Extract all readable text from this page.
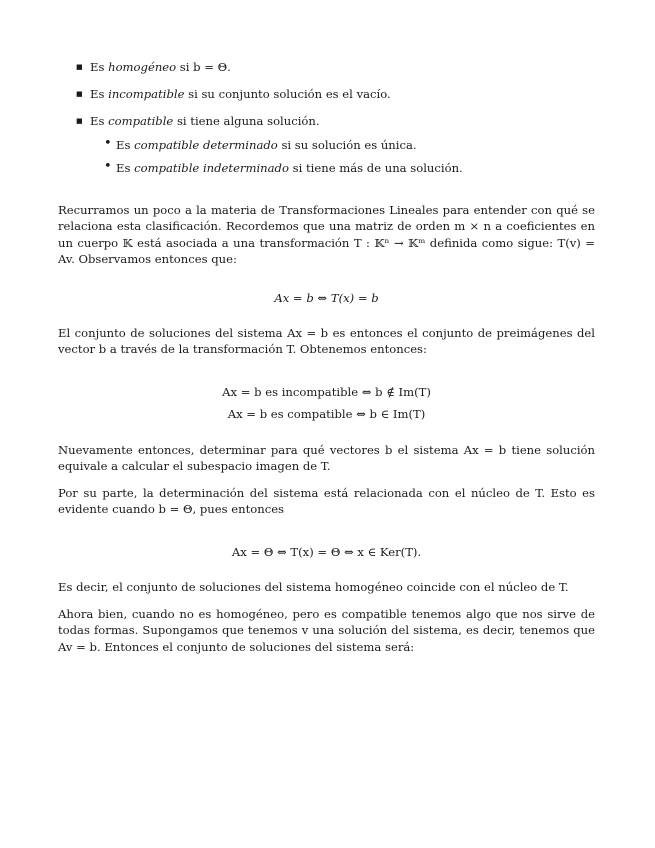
■ Es homogéneo si b = Θ.
■ Es incompatible si su conjunto solución es el vacío.
■ Es compatible si tiene alguna solución.
• Es compatible determinado si su solución es única.
• Es compatible indeterminado si tiene más de una solución.

Recurramos un poco a la materia de Transformaciones Lineales para entender con qué se relaciona esta clasificación. Recordemos que una matriz de orden m × n a coeficientes en un cuerpo 𝕂 está asociada a una transformación T : 𝕂ⁿ → 𝕂ᵐ definida como sigue: T(v) = Av. Observamos entonces que:

Ax = b ⇔ T(x) = b

El conjunto de soluciones del sistema Ax = b es entonces el conjunto de preimágenes del vector b a través de la transformación T. Obtenemos entonces:

Ax = b es incompatible ⇔ b ∉ Im(T)

Ax = b es compatible ⇔ b ∈ Im(T)

Nuevamente entonces, determinar para qué vectores b el sistema Ax = b tiene solución equivale a calcular el subespacio imagen de T.

Por su parte, la determinación del sistema está relacionada con el núcleo de T. Esto es evidente cuando b = Θ, pues entonces

Ax = Θ ⇔ T(x) = Θ ⇔ x ∈ Ker(T).

Es decir, el conjunto de soluciones del sistema homogéneo coincide con el núcleo de T.

Ahora bien, cuando no es homogéneo, pero es compatible tenemos algo que nos sirve de todas formas. Supongamos que tenemos v una solución del sistema, es decir, tenemos que Av = b. Entonces el conjunto de soluciones del sistema será:
